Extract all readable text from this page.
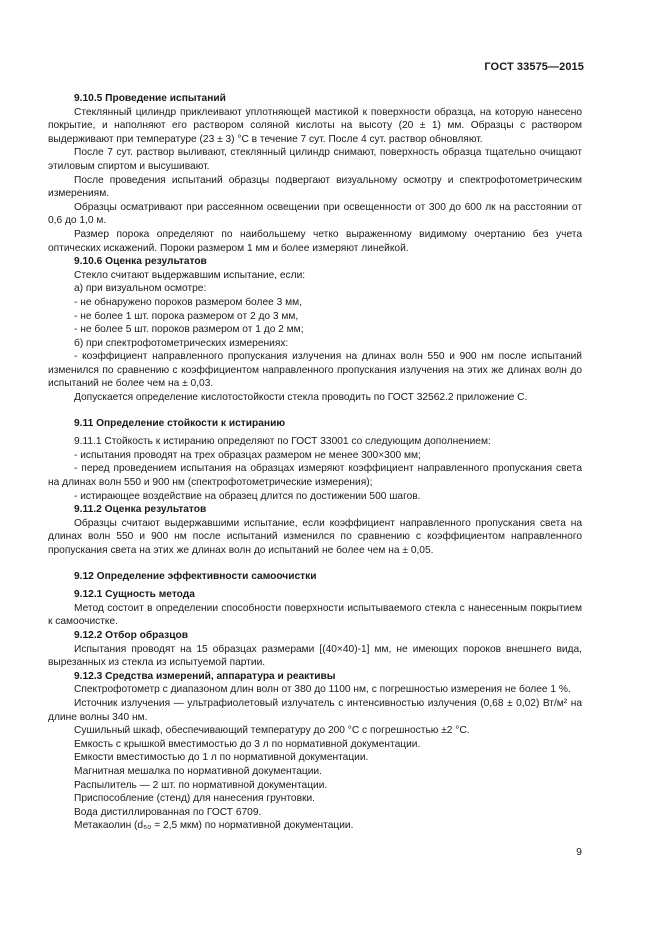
ГОСТ 33575—2015
9.10.5 Проведение испытаний
Стеклянный цилиндр приклеивают уплотняющей мастикой к поверхности образца, на которую нанесено покрытие, и наполняют его раствором соляной кислоты на высоту (20 ± 1) мм. Образцы с раствором выдерживают при температуре (23 ± 3) °С в течение 7 сут. После 4 сут. раствор обновляют.
После 7 сут. раствор выливают, стеклянный цилиндр снимают, поверхность образца тщательно очищают этиловым спиртом и высушивают.
После проведения испытаний образцы подвергают визуальному осмотру и спектрофотометрическим измерениям.
Образцы осматривают при рассеянном освещении при освещенности от 300 до 600 лк на расстоянии от 0,6 до 1,0 м.
Размер порока определяют по наибольшему четко выраженному видимому очертанию без учета оптических искажений. Пороки размером 1 мм и более измеряют линейкой.
9.10.6 Оценка результатов
Стекло считают выдержавшим испытание, если:
а) при визуальном осмотре:
- не обнаружено пороков размером более 3 мм,
- не более 1 шт. порока размером от 2 до 3 мм,
- не более 5 шт. пороков размером от 1 до 2 мм;
б) при спектрофотометрических измерениях:
- коэффициент направленного пропускания излучения на длинах волн 550 и 900 нм после испытаний изменился по сравнению с коэффициентом направленного пропускания излучения на этих же длинах волн до испытаний не более чем на ± 0,03.
Допускается определение кислотостойкости стекла проводить по ГОСТ 32562.2 приложение С.
9.11 Определение стойкости к истиранию
9.11.1 Стойкость к истиранию определяют по ГОСТ 33001 со следующим дополнением:
- испытания проводят на трех образцах размером не менее 300×300 мм;
- перед проведением испытания на образцах измеряют коэффициент направленного пропускания света на длинах волн 550 и 900 нм (спектрофотометрические измерения);
- истирающее воздействие на образец длится по достижении 500 шагов.
9.11.2 Оценка результатов
Образцы считают выдержавшими испытание, если коэффициент направленного пропускания света на длинах волн 550 и 900 нм после испытаний изменился по сравнению с коэффициентом направленного пропускания света на этих же длинах волн до испытаний не более чем на ± 0,05.
9.12 Определение эффективности самоочистки
9.12.1 Сущность метода
Метод состоит в определении способности поверхности испытываемого стекла с нанесенным покрытием к самоочистке.
9.12.2 Отбор образцов
Испытания проводят на 15 образцах размерами [(40×40)-1] мм, не имеющих пороков внешнего вида, вырезанных из стекла из испытуемой партии.
9.12.3 Средства измерений, аппаратура и реактивы
Спектрофотометр с диапазоном длин волн от 380 до 1100 нм, с погрешностью измерения не более 1 %.
Источник излучения — ультрафиолетовый излучатель с интенсивностью излучения (0,68 ± 0,02) Вт/м² на длине волны 340 нм.
Сушильный шкаф, обеспечивающий температуру до 200 °С с погрешностью ±2 °С.
Емкость с крышкой вместимостью до 3 л по нормативной документации.
Емкости вместимостью до 1 л по нормативной документации.
Магнитная мешалка по нормативной документации.
Распылитель — 2 шт. по нормативной документации.
Приспособление (стенд) для нанесения грунтовки.
Вода дистиллированная по ГОСТ 6709.
Метакаолин (d₅₀ = 2,5 мкм) по нормативной документации.
9
